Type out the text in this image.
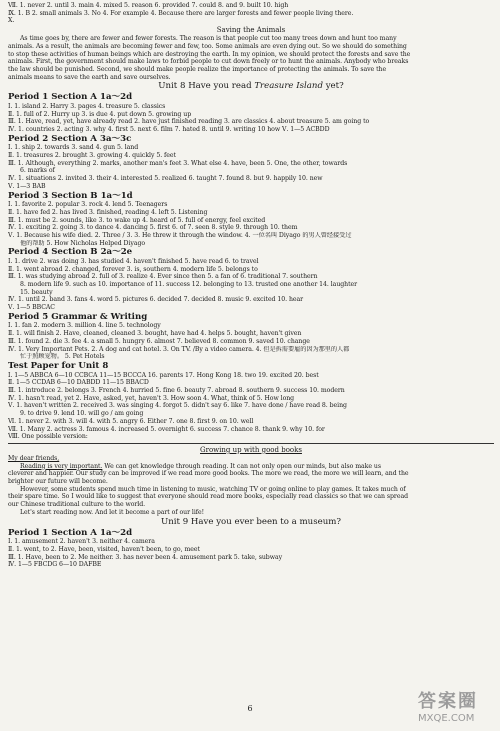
Ⅶ. 1. never 2. until 3. main 4. mixed 5. reason 6. provided 7. could 8. and 9. built 10. high
Ⅸ. 1. B 2. small animals 3. No 4. For example 4. Because there are larger forests and fewer people living there.
X.
Saving the Animals
As time goes by, there are fewer and fewer forests. The reason is that people cut too many trees down and hunt too many
animals. As a result, the animals are becoming fewer and few, too. Some animals are even dying out. So we should do something
to stop these activities of human beings which are destroying the earth. In my opinion, we should protect the forests and save the
animals. First, the government should make laws to forbid people to cut down freely or to hunt the animals. Anybody who breaks
the law should be punished. Second, we should make people realize the importance of protecting the animals. To save the
animals means to save the earth and save ourselves.
Unit 8 Have you read Treasure Island yet?
Period 1 Section A 1a～2d
Ⅰ. 1. island 2. Harry 3. pages 4. treasure 5. classics
Ⅱ. 1. full of 2. Hurry up 3. is due 4. put down 5. growing up
Ⅲ. 1. Have, read, yet, have already read 2. have just finished reading 3. are classics 4. about treasure 5. am going to
Ⅳ. 1. countries 2. acting 3. why 4. first 5. next 6. film 7. hated 8. until 9. writing 10 how Ⅴ. 1—5 ACBDD
Period 2 Section A 3a～3c
Ⅰ. 1. ship 2. towards 3. sand 4. gun 5. land
Ⅱ. 1. treasures 2. brought 3. growing 4. quickly 5. feet
Ⅲ. 1. Although, everything 2. marks, another man's feet 3. What else 4. have, been 5. One, the other, towards
6. marks of
Ⅳ. 1. situations 2. invited 3. their 4. interested 5. realized 6. taught 7. found 8. but 9. happily 10. new
Ⅴ. 1—3 BAB
Period 3 Section B 1a～1d
Ⅰ. 1. favorite 2. popular 3. rock 4. lend 5. Teenagers
Ⅱ. 1. have fed 2. has lived 3. finished, reading 4. left 5. Listening
Ⅲ. 1. must be 2. sounds, like 3. to wake up 4. heard of 5. full of energy, feel excited
Ⅳ. 1. exciting 2. going 3. to dance 4. dancing 5. first 6. of 7. seen 8. style 9. through 10. them
Ⅴ. 1. Because his wife died. 2. Three / 3. 3. He threw it through the window. 4. 一位名叫 Diyago 的男人曾经接受过
他的帮助 5. How Nicholas Helped Diyago
Period 4 Section B 2a～2e
Ⅰ. 1. drive 2. was doing 3. has studied 4. haven't finished 5. have read 6. to travel
Ⅱ. 1. went abroad 2. changed, forever 3. is, southern 4. modern life 5. belongs to
Ⅲ. 1. was studying abroad 2. full of 3. realize 4. Ever since then 5. a fan of 6. traditional 7. southern
8. modern life 9. such as 10. importance of 11. success 12. belonging to 13. trusted one another 14. laughter
15. beauty
Ⅳ. 1. until 2. band 3. fans 4. word 5. pictures 6. decided 7. decided 8. music 9. excited 10. hear
Ⅴ. 1—5 BBCAC
Period 5 Grammar & Writing
Ⅰ. 1. fan 2. modern 3. million 4. line 5. technology
Ⅱ. 1. will finish 2. Have, cleaned, cleaned 3. bought, have had 4. helps 5. bought, haven't given
Ⅲ. 1. found 2. die 3. fee 4. a small 5. hungry 6. almost 7. believed 8. common 9. saved 10. change
Ⅳ. 1. Very Important Pets. 2. A dog and cat hotel. 3. On TV. /By a video camera. 4. 但是拆需要雇的因为那里的人都
忙于照顾宠物。 5. Pet Hotels
Test Paper for Unit 8
Ⅰ. 1—5 ABBCA 6—10 CCBCA 11—15 BCCCA 16. parents 17. Hong Kong 18. two 19. excited 20. best
Ⅱ. 1—5 CCDAB 6—10 DABDD 11—15 BBACD
Ⅲ. 1. introduce 2. belongs 3. French 4. hurried 5. fine 6. beauty 7. abroad 8. southern 9. success 10. modern
Ⅳ. 1. hasn't read, yet 2. Have, asked, yet, haven't 3. How soon 4. What, think of 5. How long
Ⅴ. 1. haven't written 2. received 3. was singing 4. forgot 5. didn't say 6. like 7. have done / have read 8. being
9. to drive 9. lend 10. will go / am going
Ⅵ. 1. never 2. with 3. will 4. with 5. angry 6. Either 7. one 8. first 9. on 10. well
Ⅶ. 1. Many 2. actress 3. famous 4. increased 5. overnight 6. success 7. chance 8. thank 9. why 10. for
Ⅷ. One possible version:
Growing up with good books
My dear friends,
Reading is very important. We can get knowledge through reading. It can not only open our minds, but also make us
cleverer and happier. Our study can be improved if we read more good books. The more we read, the more we will learn, and the
brighter our future will become.
However, some students spend much time in listening to music, watching TV or going online to play games. It takes much of
their spare time. So I would like to suggest that everyone should read more books, especially read classics so that we can spread
our Chinese traditional culture to the world.
Let's start reading now. And let it become a part of our life!
Unit 9 Have you ever been to a museum?
Period 1 Section A 1a～2d
Ⅰ. 1. amusement 2. haven't 3. neither 4. camera
Ⅱ. 1. went, to 2. Have, been, visited, haven't been, to go, meet
Ⅲ. 1. Have, been to 2. Me neither. 3. has never been 4. amusement park 5. take, subway
Ⅳ. 1—5 FBCDG 6—10 DAFBE
6	答案圈
MXQE.COM
